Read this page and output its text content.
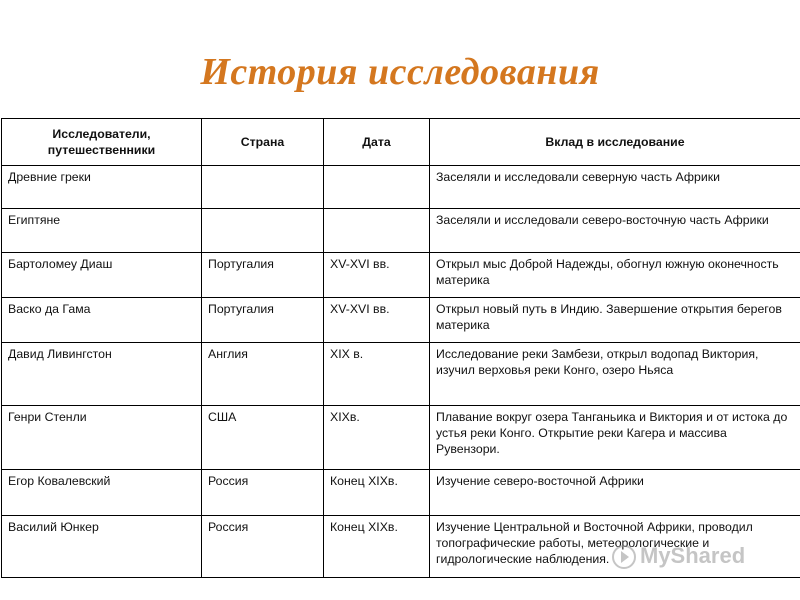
История исследования
Исследователи, путешественники	Страна	Дата	Вклад в исследование
Древние греки			Заселяли и исследовали северную часть Африки
Египтяне			Заселяли и исследовали северо-восточную часть Африки
Бартоломеу Диаш	Португалия	XV-XVI вв.	Открыл мыс Доброй Надежды, обогнул южную оконечность материка
Васко да Гама	Португалия	XV-XVI вв.	Открыл новый путь в Индию. Завершение открытия берегов материка
Давид Ливингстон	Англия	XIX в.	Исследование реки Замбези, открыл водопад Виктория, изучил верховья реки Конго, озеро Ньяса
Генри Стенли	США	XIXв.	Плавание вокруг озера Танганьика и Виктория и от истока до устья реки Конго. Открытие реки Кагера и массива Рувензори.
Егор Ковалевский	Россия	Конец XIXв.	Изучение северо-восточной Африки
Василий Юнкер	Россия	Конец XIXв.	Изучение Центральной и Восточной Африки, проводил топографические работы, метеорологические и гидрологические наблюдения.	MyShared
